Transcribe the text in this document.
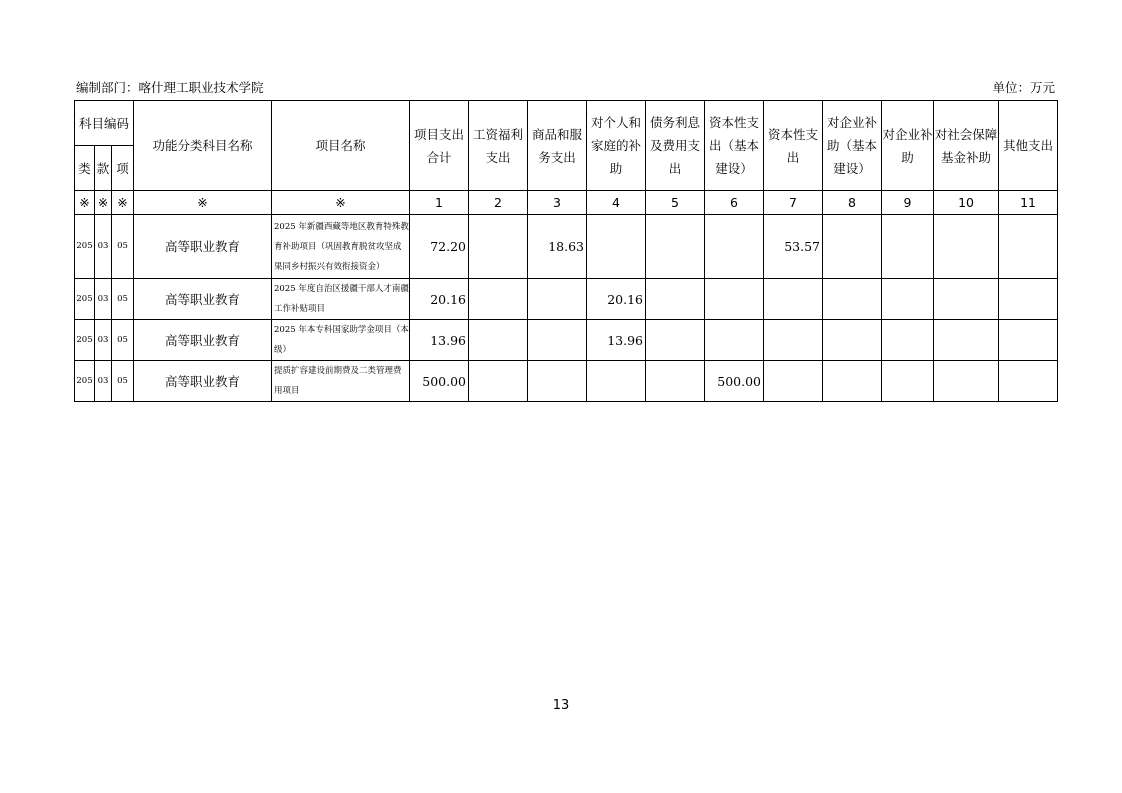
编制部门：喀什理工职业技术学院	单位：万元
科目编码			功能分类科目名称	项目名称	项目支出合计	工资福利支出	商品和服务支出	对个人和家庭的补助	债务利息及费用支出	资本性支出（基本建设）	资本性支出	对企业补助（基本建设）	对企业补助	对社会保障基金补助	其他支出
类	款	项													
※	※	※	※	※	1	2	3	4	5	6	7	8	9	10	11
205	03	05	高等职业教育	2025 年新疆西藏等地区教育特殊教育补助项目（巩固教育脱贫攻坚成果同乡村振兴有效衔接资金）	72.20		18.63				53.57				
205	03	05	高等职业教育	2025 年度自治区援疆干部人才南疆工作补贴项目	20.16			20.16							
205	03	05	高等职业教育	2025 年本专科国家助学金项目（本级）	13.96			13.96							
205	03	05	高等职业教育	提质扩容建设前期费及二类管理费用项目	500.00					500.00					
13
